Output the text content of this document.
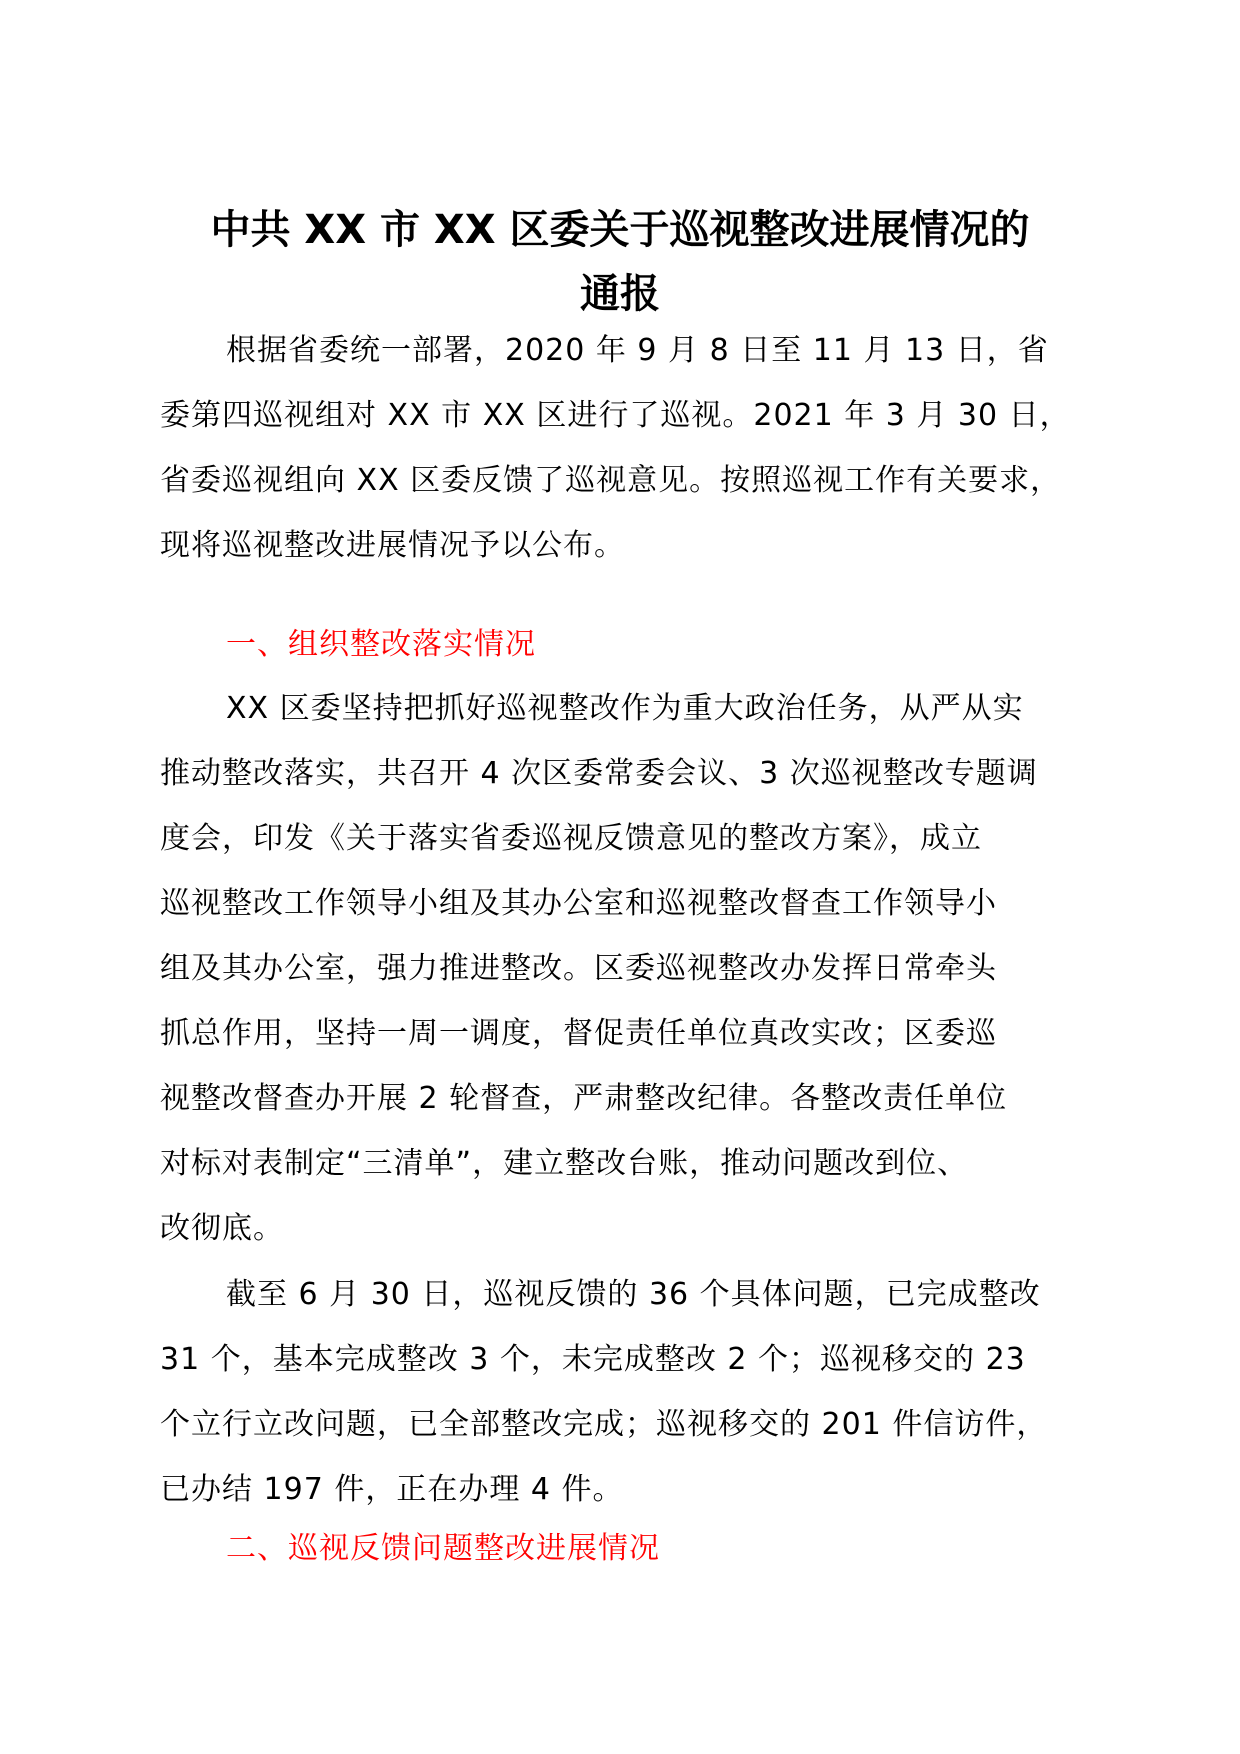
中共 XX 市 XX 区委关于巡视整改进展情况的
通报

根据省委统一部署，2020 年 9 月 8 日至 11 月 13 日，省
委第四巡视组对 XX 市 XX 区进行了巡视。2021 年 3 月 30 日，
省委巡视组向 XX 区委反馈了巡视意见。按照巡视工作有关要求，
现将巡视整改进展情况予以公布。

一、组织整改落实情况

XX 区委坚持把抓好巡视整改作为重大政治任务，从严从实
推动整改落实，共召开 4 次区委常委会议、3 次巡视整改专题调
度会，印发《关于落实省委巡视反馈意见的整改方案》，成立
巡视整改工作领导小组及其办公室和巡视整改督查工作领导小
组及其办公室，强力推进整改。区委巡视整改办发挥日常牵头
抓总作用，坚持一周一调度，督促责任单位真改实改；区委巡
视整改督查办开展 2 轮督查，严肃整改纪律。各整改责任单位
对标对表制定“三清单”，建立整改台账，推动问题改到位、
改彻底。

截至 6 月 30 日，巡视反馈的 36 个具体问题，已完成整改
31 个，基本完成整改 3 个，未完成整改 2 个；巡视移交的 23
个立行立改问题，已全部整改完成；巡视移交的 201 件信访件，
已办结 197 件，正在办理 4 件。

二、巡视反馈问题整改进展情况
